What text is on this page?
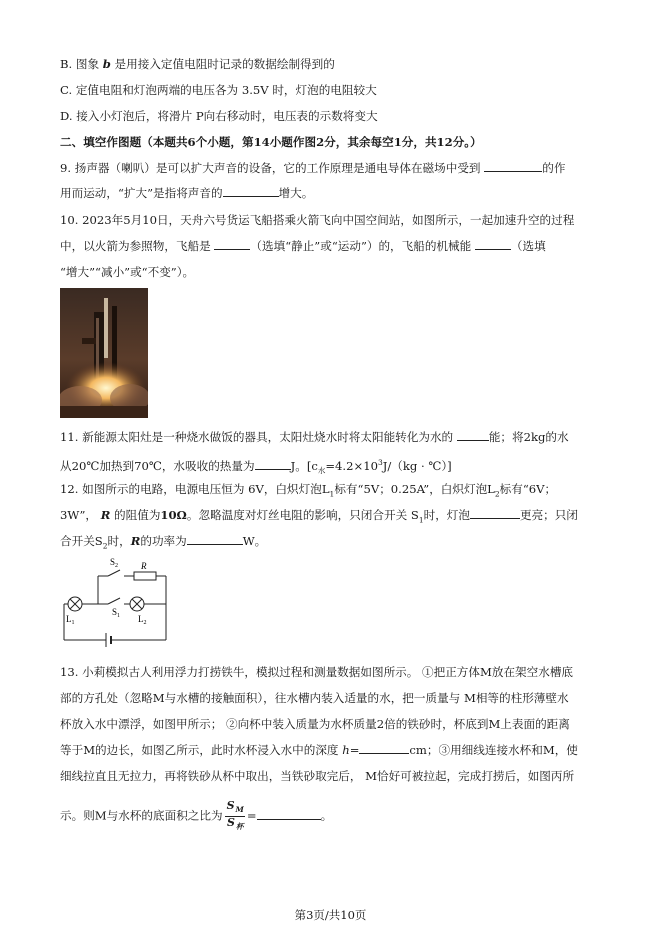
B. 图象 b 是用接入定值电阻时记录的数据绘制得到的
C. 定值电阻和灯泡两端的电压各为 3.5V 时，灯泡的电阻较大
D. 接入小灯泡后，将滑片 P向右移动时，电压表的示数将变大
二、填空作图题（本题共6个小题，第14小题作图2分，其余每空1分，共12分。）
9. 扬声器（喇叭）是可以扩大声音的设备，它的工作原理是通电导体在磁场中受到	的作
用而运动，“扩大”是指将声音的	增大。
10. 2023年5月10日，天舟六号货运飞船搭乘火箭飞向中国空间站，如图所示，一起加速升空的过程
中，以火箭为参照物，飞船是	（选填“静止”或“运动”）的，飞船的机械能	（选填
“增大”“减小”或“不变”）。
11. 新能源太阳灶是一种烧水做饭的器具，太阳灶烧水时将太阳能转化为水的	能；将2kg的水
从20℃加热到70℃，水吸收的热量为	J。[$c_水=4.2\times 10^3J/(kg$ · ℃）]
12. 如图所示的电路，电源电压恒为 6V，白炽灯泡$L_1$标有“5V；0.25A”，白炽灯泡$L_2$标有“6V；
3W”， R 的阻值为10Ω。忽略温度对灯丝电阻的影响，只闭合开关 $S_1$时，灯泡	更亮；只闭
合开关$S_2$时，R的功率为	W。
$S_2$	R
$S_1$
$L_1$	$L_2$
13. 小莉模拟古人利用浮力打捞铁牛，模拟过程和测量数据如图所示。 ①把正方体M放在架空水槽底
部的方孔处（忽略M与水槽的接触面积），往水槽内装入适量的水，把一质量与 M相等的柱形薄壁水
杯放入水中漂浮，如图甲所示； ②向杯中装入质量为水杯质量2倍的铁砂时，杯底到M上表面的距离
等于M的边长，如图乙所示，此时水杯浸入水中的深度 h=	cm；③用细线连接水杯和M，使
细线拉直且无拉力，再将铁砂从杯中取出，当铁砂取完后， M恰好可被拉起，完成打捞后，如图丙所
示。则M与水杯的底面积之比为 $\frac{S_M}{S_杯}$ =	。
第3页/共10页
